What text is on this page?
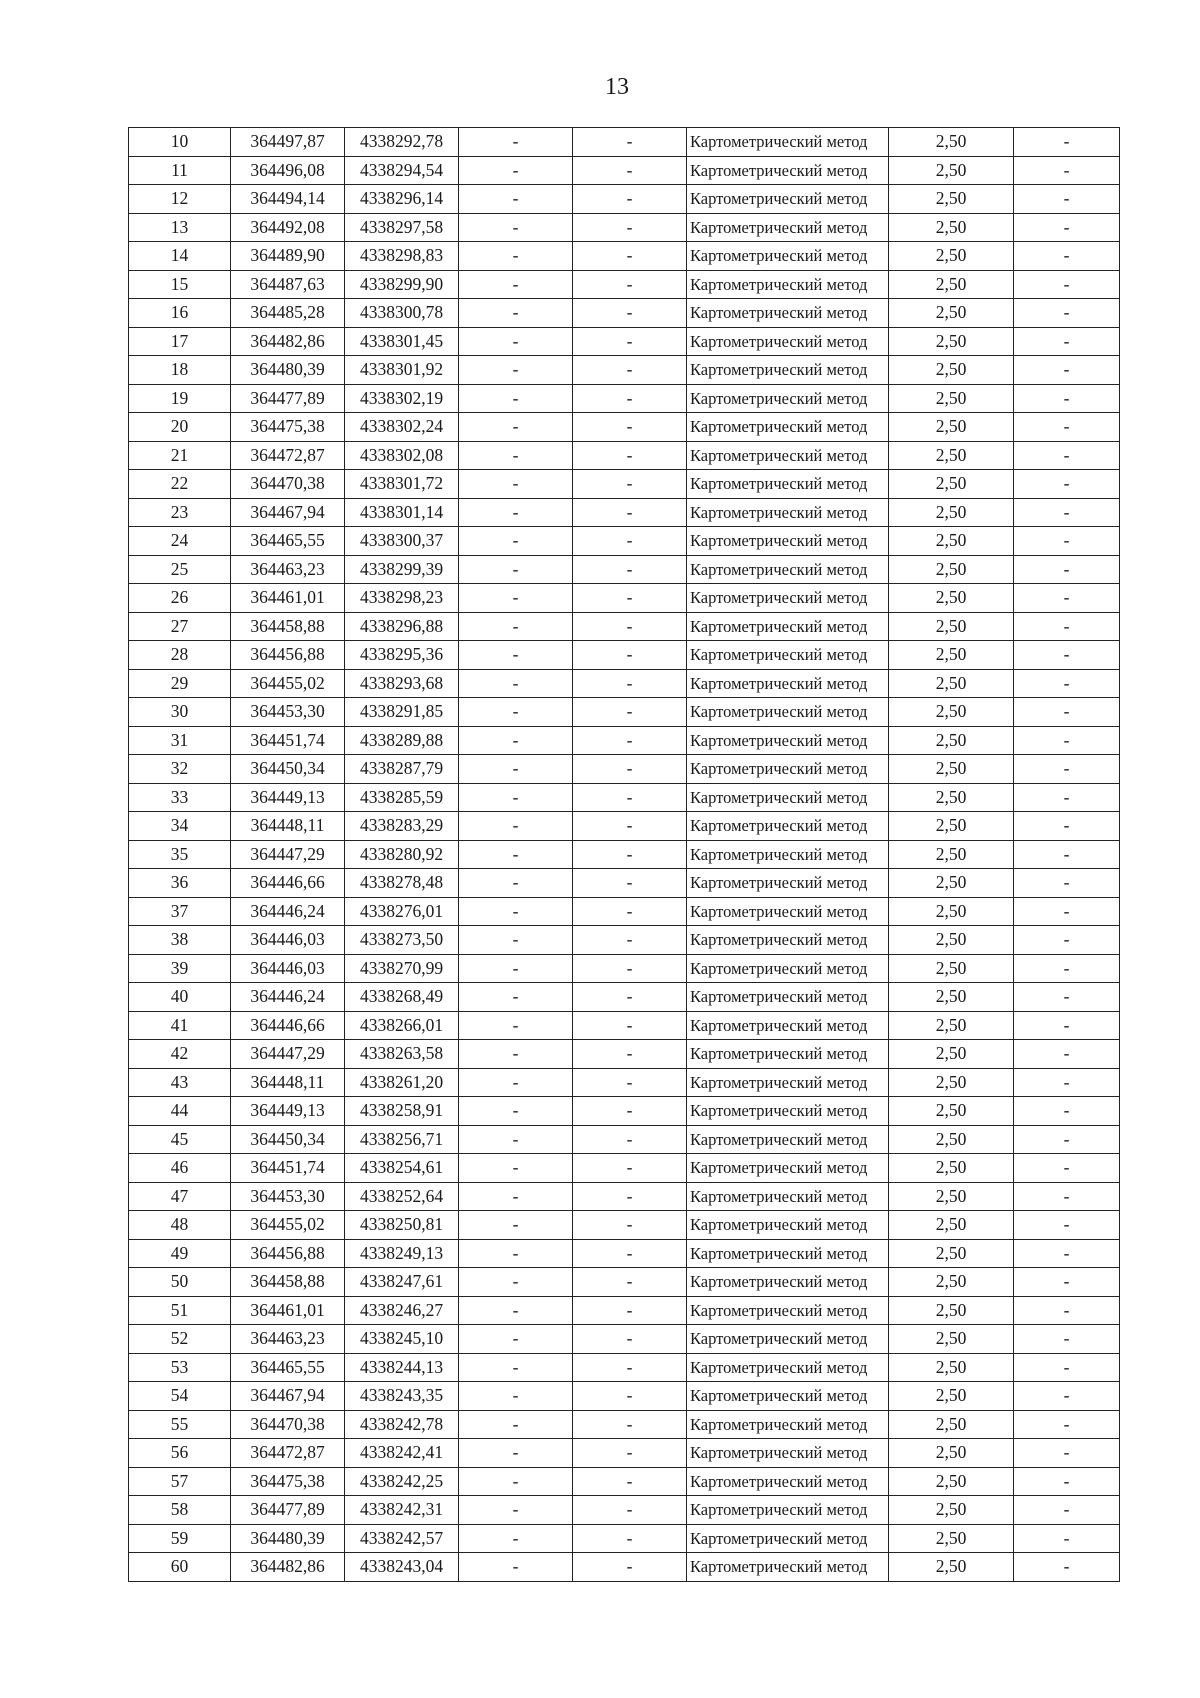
13
10	364497,87	4338292,78	-	-	Картометрический метод	2,50	-
11	364496,08	4338294,54	-	-	Картометрический метод	2,50	-
12	364494,14	4338296,14	-	-	Картометрический метод	2,50	-
13	364492,08	4338297,58	-	-	Картометрический метод	2,50	-
14	364489,90	4338298,83	-	-	Картометрический метод	2,50	-
15	364487,63	4338299,90	-	-	Картометрический метод	2,50	-
16	364485,28	4338300,78	-	-	Картометрический метод	2,50	-
17	364482,86	4338301,45	-	-	Картометрический метод	2,50	-
18	364480,39	4338301,92	-	-	Картометрический метод	2,50	-
19	364477,89	4338302,19	-	-	Картометрический метод	2,50	-
20	364475,38	4338302,24	-	-	Картометрический метод	2,50	-
21	364472,87	4338302,08	-	-	Картометрический метод	2,50	-
22	364470,38	4338301,72	-	-	Картометрический метод	2,50	-
23	364467,94	4338301,14	-	-	Картометрический метод	2,50	-
24	364465,55	4338300,37	-	-	Картометрический метод	2,50	-
25	364463,23	4338299,39	-	-	Картометрический метод	2,50	-
26	364461,01	4338298,23	-	-	Картометрический метод	2,50	-
27	364458,88	4338296,88	-	-	Картометрический метод	2,50	-
28	364456,88	4338295,36	-	-	Картометрический метод	2,50	-
29	364455,02	4338293,68	-	-	Картометрический метод	2,50	-
30	364453,30	4338291,85	-	-	Картометрический метод	2,50	-
31	364451,74	4338289,88	-	-	Картометрический метод	2,50	-
32	364450,34	4338287,79	-	-	Картометрический метод	2,50	-
33	364449,13	4338285,59	-	-	Картометрический метод	2,50	-
34	364448,11	4338283,29	-	-	Картометрический метод	2,50	-
35	364447,29	4338280,92	-	-	Картометрический метод	2,50	-
36	364446,66	4338278,48	-	-	Картометрический метод	2,50	-
37	364446,24	4338276,01	-	-	Картометрический метод	2,50	-
38	364446,03	4338273,50	-	-	Картометрический метод	2,50	-
39	364446,03	4338270,99	-	-	Картометрический метод	2,50	-
40	364446,24	4338268,49	-	-	Картометрический метод	2,50	-
41	364446,66	4338266,01	-	-	Картометрический метод	2,50	-
42	364447,29	4338263,58	-	-	Картометрический метод	2,50	-
43	364448,11	4338261,20	-	-	Картометрический метод	2,50	-
44	364449,13	4338258,91	-	-	Картометрический метод	2,50	-
45	364450,34	4338256,71	-	-	Картометрический метод	2,50	-
46	364451,74	4338254,61	-	-	Картометрический метод	2,50	-
47	364453,30	4338252,64	-	-	Картометрический метод	2,50	-
48	364455,02	4338250,81	-	-	Картометрический метод	2,50	-
49	364456,88	4338249,13	-	-	Картометрический метод	2,50	-
50	364458,88	4338247,61	-	-	Картометрический метод	2,50	-
51	364461,01	4338246,27	-	-	Картометрический метод	2,50	-
52	364463,23	4338245,10	-	-	Картометрический метод	2,50	-
53	364465,55	4338244,13	-	-	Картометрический метод	2,50	-
54	364467,94	4338243,35	-	-	Картометрический метод	2,50	-
55	364470,38	4338242,78	-	-	Картометрический метод	2,50	-
56	364472,87	4338242,41	-	-	Картометрический метод	2,50	-
57	364475,38	4338242,25	-	-	Картометрический метод	2,50	-
58	364477,89	4338242,31	-	-	Картометрический метод	2,50	-
59	364480,39	4338242,57	-	-	Картометрический метод	2,50	-
60	364482,86	4338243,04	-	-	Картометрический метод	2,50	-
